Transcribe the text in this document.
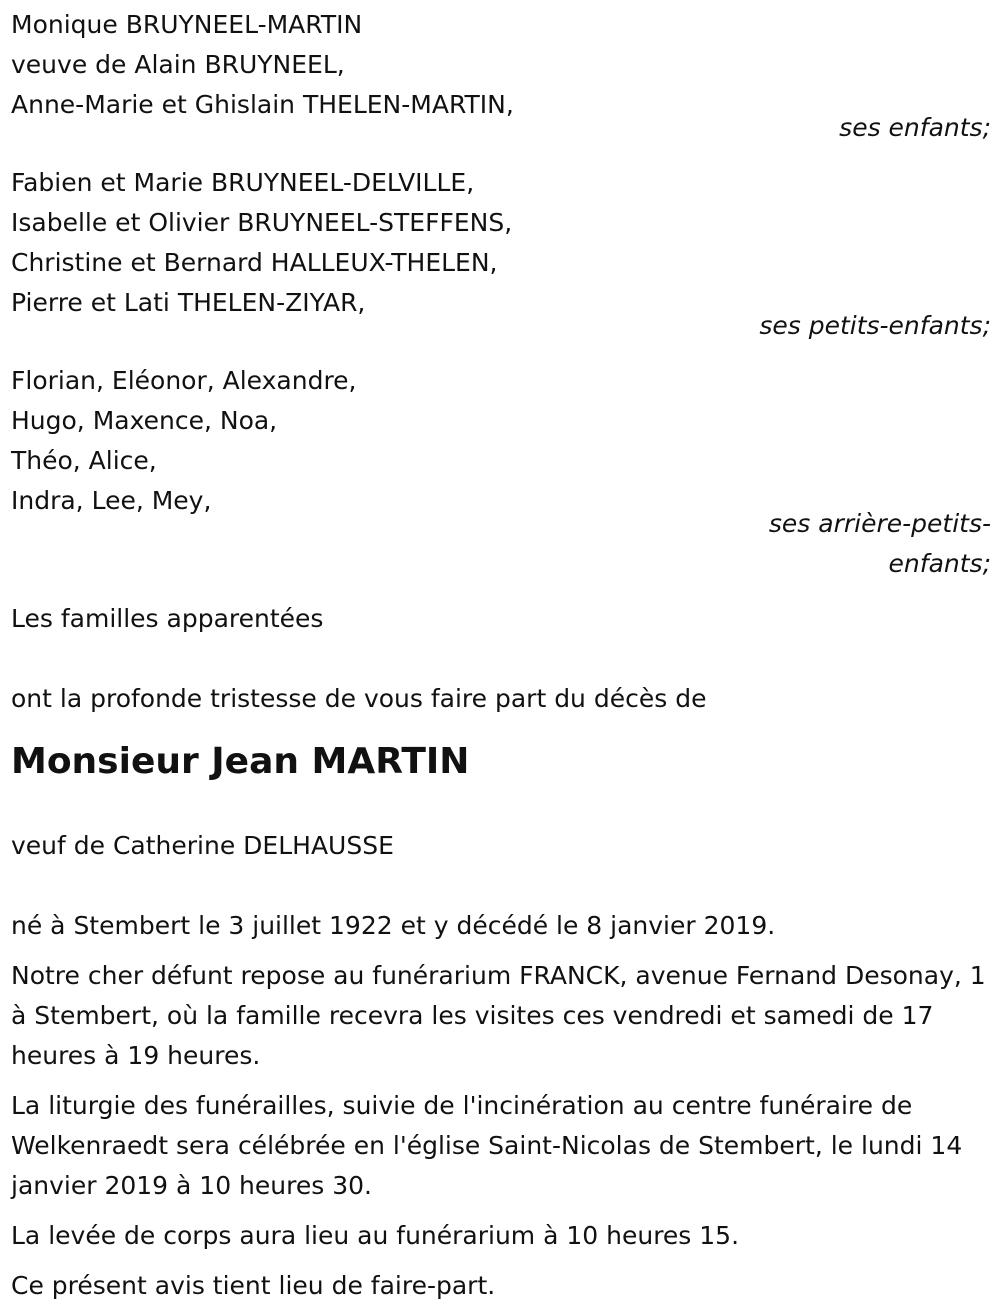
Monique BRUYNEEL-MARTIN
veuve de Alain BRUYNEEL,
Anne-Marie et Ghislain THELEN-MARTIN,
ses enfants;
Fabien et Marie BRUYNEEL-DELVILLE,
Isabelle et Olivier BRUYNEEL-STEFFENS,
Christine et Bernard HALLEUX-THELEN,
Pierre et Lati THELEN-ZIYAR,
ses petits-enfants;
Florian, Eléonor, Alexandre,
Hugo, Maxence, Noa,
Théo, Alice,
Indra, Lee, Mey,
ses arrière-petits-
enfants;
Les familles apparentées
ont la profonde tristesse de vous faire part du décès de
Monsieur Jean MARTIN
veuf de Catherine DELHAUSSE
né à Stembert le 3 juillet 1922 et y décédé le 8 janvier 2019.
Notre cher défunt repose au funérarium FRANCK, avenue Fernand Desonay, 1 à Stembert, où la famille recevra les visites ces vendredi et samedi de 17 heures à 19 heures.
La liturgie des funérailles, suivie de l'incinération au centre funéraire de Welkenraedt sera célébrée en l'église Saint-Nicolas de Stembert, le lundi 14 janvier 2019 à 10 heures 30.
La levée de corps aura lieu au funérarium à 10 heures 15.
Ce présent avis tient lieu de faire-part.
